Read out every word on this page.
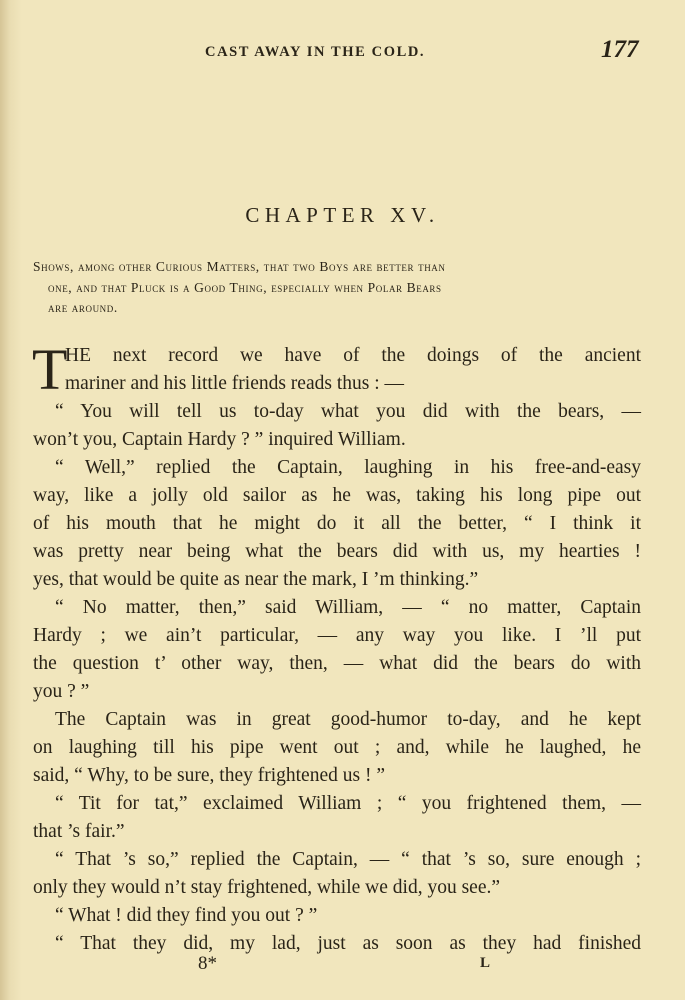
CAST AWAY IN THE COLD.	177
CHAPTER XV.
Shows, among other Curious Matters, that two Boys are better than
one, and that Pluck is a Good Thing, especially when Polar Bears
are around.
T
HE next record we have of the doings of the ancient
mariner and his little friends reads thus : —
“ You will tell us to-day what you did with the bears, —
won’t you, Captain Hardy ? ” inquired William.
“ Well,” replied the Captain, laughing in his free-and-easy
way, like a jolly old sailor as he was, taking his long pipe out
of his mouth that he might do it all the better, “ I think it
was pretty near being what the bears did with us, my hearties !
yes, that would be quite as near the mark, I ’m thinking.”
“ No matter, then,” said William, — “ no matter, Captain
Hardy ; we ain’t particular, — any way you like. I ’ll put
the question t’ other way, then, — what did the bears do with
you ? ”
The Captain was in great good-humor to-day, and he kept
on laughing till his pipe went out ; and, while he laughed, he
said, “ Why, to be sure, they frightened us ! ”
“ Tit for tat,” exclaimed William ; “ you frightened them, —
that ’s fair.”
“ That ’s so,” replied the Captain, — “ that ’s so, sure enough ;
only they would n’t stay frightened, while we did, you see.”
“ What ! did they find you out ? ”
“ That they did, my lad, just as soon as they had finished
8*	L
